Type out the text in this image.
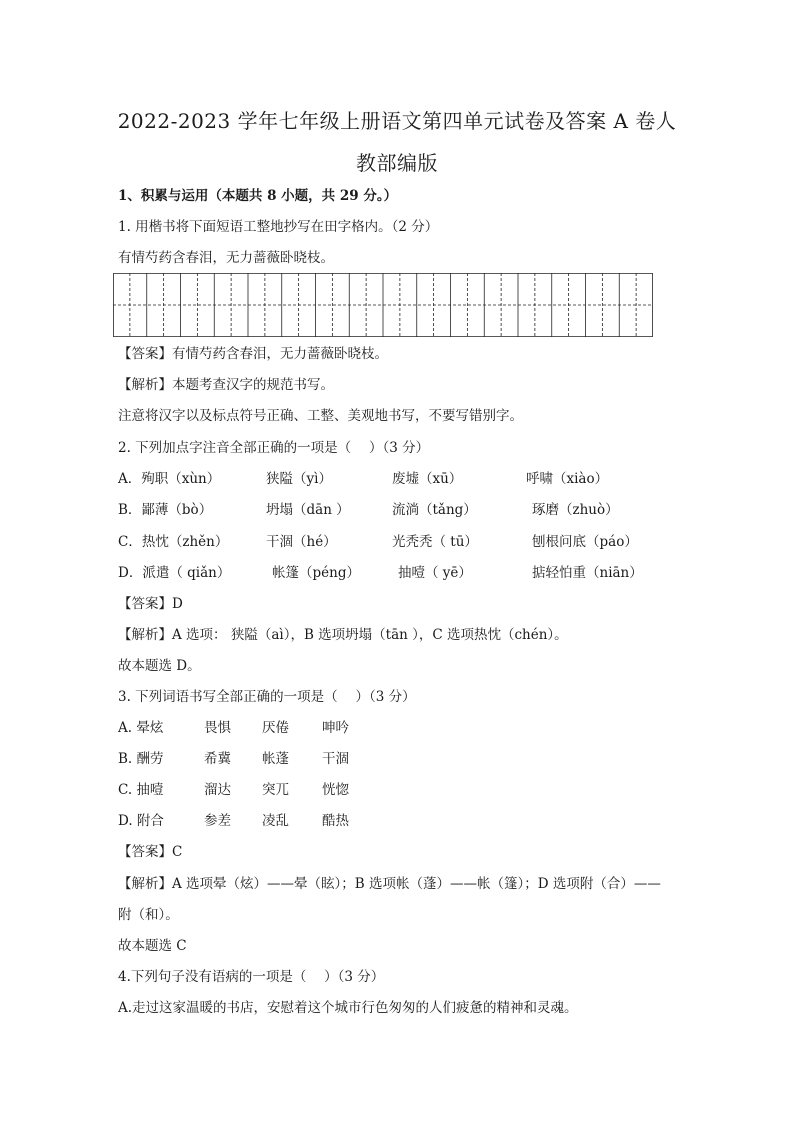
2022-2023 学年七年级上册语文第四单元试卷及答案 A 卷人
教部编版
1、积累与运用（本题共 8 小题，共 29 分。）
1. 用楷书将下面短语工整地抄写在田字格内。（2 分）
有情芍药含春泪，无力蔷薇卧晓枝。
【答案】有情芍药含春泪，无力蔷薇卧晓枝。
【解析】本题考查汉字的规范书写。
注意将汉字以及标点符号正确、工整、美观地书写，不要写错别字。
2. 下列加点字注音全部正确的一项是（　 ）（3 分）
A．殉职（xùn）	狭隘（yì）	废墟（xū）	呼啸（xiào）
B．鄙薄（bò）	坍塌（dān ）	流淌（tǎng）	琢磨（zhuò）
C．热忱（zhěn）	干涸（hé）	光秃秃（ tū）	刨根问底（páo）
D．派遣（ qiǎn）	帐篷（péng）	抽噎（ yē）	掂轻怕重（niān）
【答案】D
【解析】A 选项： 狭隘（aì），B 选项坍塌（tān ），C 选项热忱（chén）。
故本题选 D。
3. 下列词语书写全部正确的一项是（　 ）（3 分）
A. 晕炫	畏惧 厌倦 呻吟
B. 酬劳	希冀 帐蓬 干涸
C. 抽噎	溜达 突兀 恍惚
D. 附合	参差 凌乱 酷热
【答案】C
【解析】A 选项晕（炫）——晕（眩）；B 选项帐（蓬）——帐（篷）；D 选项附（合）——
附（和）。
故本题选 C
4.下列句子没有语病的一项是（　 ）（3 分）
A.走过这家温暖的书店，安慰着这个城市行色匆匆的人们疲惫的精神和灵魂。
